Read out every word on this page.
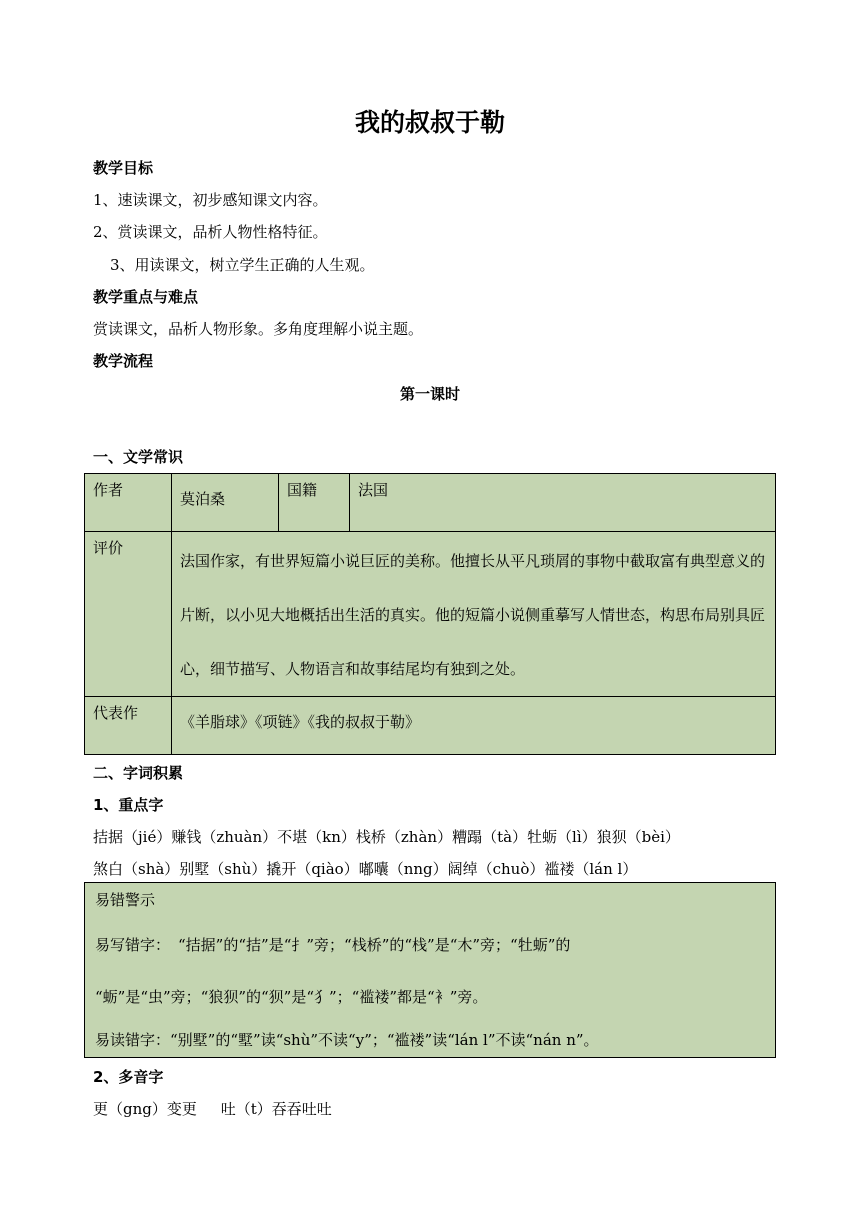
我的叔叔于勒
教学目标
1、速读课文，初步感知课文内容。
2、赏读课文，品析人物性格特征。
3、用读课文，树立学生正确的人生观。
教学重点与难点
赏读课文，品析人物形象。多角度理解小说主题。
教学流程
第一课时
一、文学常识
作者	莫泊桑	国籍	法国
评价	法国作家，有世界短篇小说巨匠的美称。他擅长从平凡琐屑的事物中截取富有典型意义的片断，以小见大地概括出生活的真实。他的短篇小说侧重摹写人情世态，构思布局别具匠心，细节描写、人物语言和故事结尾均有独到之处。		
代表作	《羊脂球》《项链》《我的叔叔于勒》		
二、字词积累
1、重点字
拮据（jié）赚钱（zhuàn）不堪（kn）栈桥（zhàn）糟蹋（tà）牡蛎（lì）狼狈（bèi）
煞白（shà）别墅（shù）撬开（qiào）嘟囔（nng）阔绰（chuò）褴褛（lán l）
易错警示
易写错字： “拮据”的“拮”是“扌”旁；“栈桥”的“栈”是“木”旁；“牡蛎”的
“蛎”是“虫”旁；“狼狈”的“狈”是“犭”；“褴褛”都是“衤”旁。
易读错字：“别墅”的“墅”读“shù”不读“y”；“褴褛”读“lán l”不读“nán n”。
2、多音字
更（gng）变更     吐（t）吞吞吐吐
